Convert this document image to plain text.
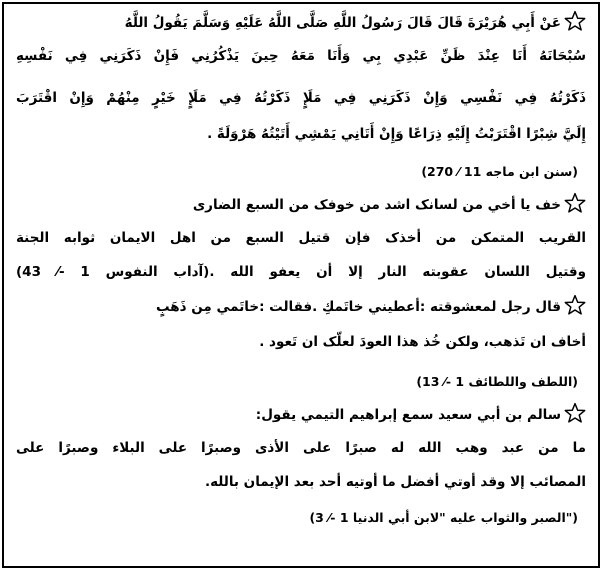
عَنْ أَبِي هُرَيْرَةَ قَالَ قَالَ رَسُولُ اللَّهِ صَلَّى اللَّهُ عَلَيْهِ وَسَلَّمَ يَقُولُ اللَّهُ
سُبْحَانَهُ أَنَا عِنْدَ ظَنِّ عَبْدِي بِي وَأَنَا مَعَهُ حِينَ يَذْكُرُنِي فَإِنْ ذَكَرَنِي فِي نَفْسِهِ
ذَكَرْتُهُ فِي نَفْسِي وَإِنْ ذَكَرَنِي فِي مَلَإٍ ذَكَرْتُهُ فِي مَلَإٍ خَيْرٍ مِنْهُمْ وَإِنْ اقْتَرَبَ
إِلَيَّ شِبْرًا اقْتَرَبْتُ إِلَيْهِ ذِرَاعًا وَإِنْ أَتَانِي يَمْشِي أَتَيْتُهُ هَرْوَلَةً .
(سنن ابن ماجه 11 ⁄ 270)
خف يا أخي من لسانک اشد من خوفک من السبع الضاری
القريب المتمكن من أخذک فإن قتيل السبع من اهل الايمان ثوابه الجنة
وقتيل اللسان عقوبته النار إلا أن يعفو الله .(آداب النفوس 1 -⁄ 43)
قال رجل لمعشوقته :أعطيني خاتَمكِ .فقالت :خاتَمي مِن ذَهَبٍ
أخاف ان تَذهب، ولكن خُذ هذا العودَ لعلّک ان تَعود .
(اللطف واللطائف 1 -⁄ 13)
سالم بن أبي سعيد سمع إبراهيم التيمي يقول:
ما من عبد وهب الله له صبرًا على الأذى وصبرًا على البلاء وصبرًا على
المصائب إلا وقد أوتي أفضل ما أوتيه أحد بعد الإيمان بالله.
("الصبر والثواب عليه "لابن أبي الدنيا 1 -⁄ 3)
